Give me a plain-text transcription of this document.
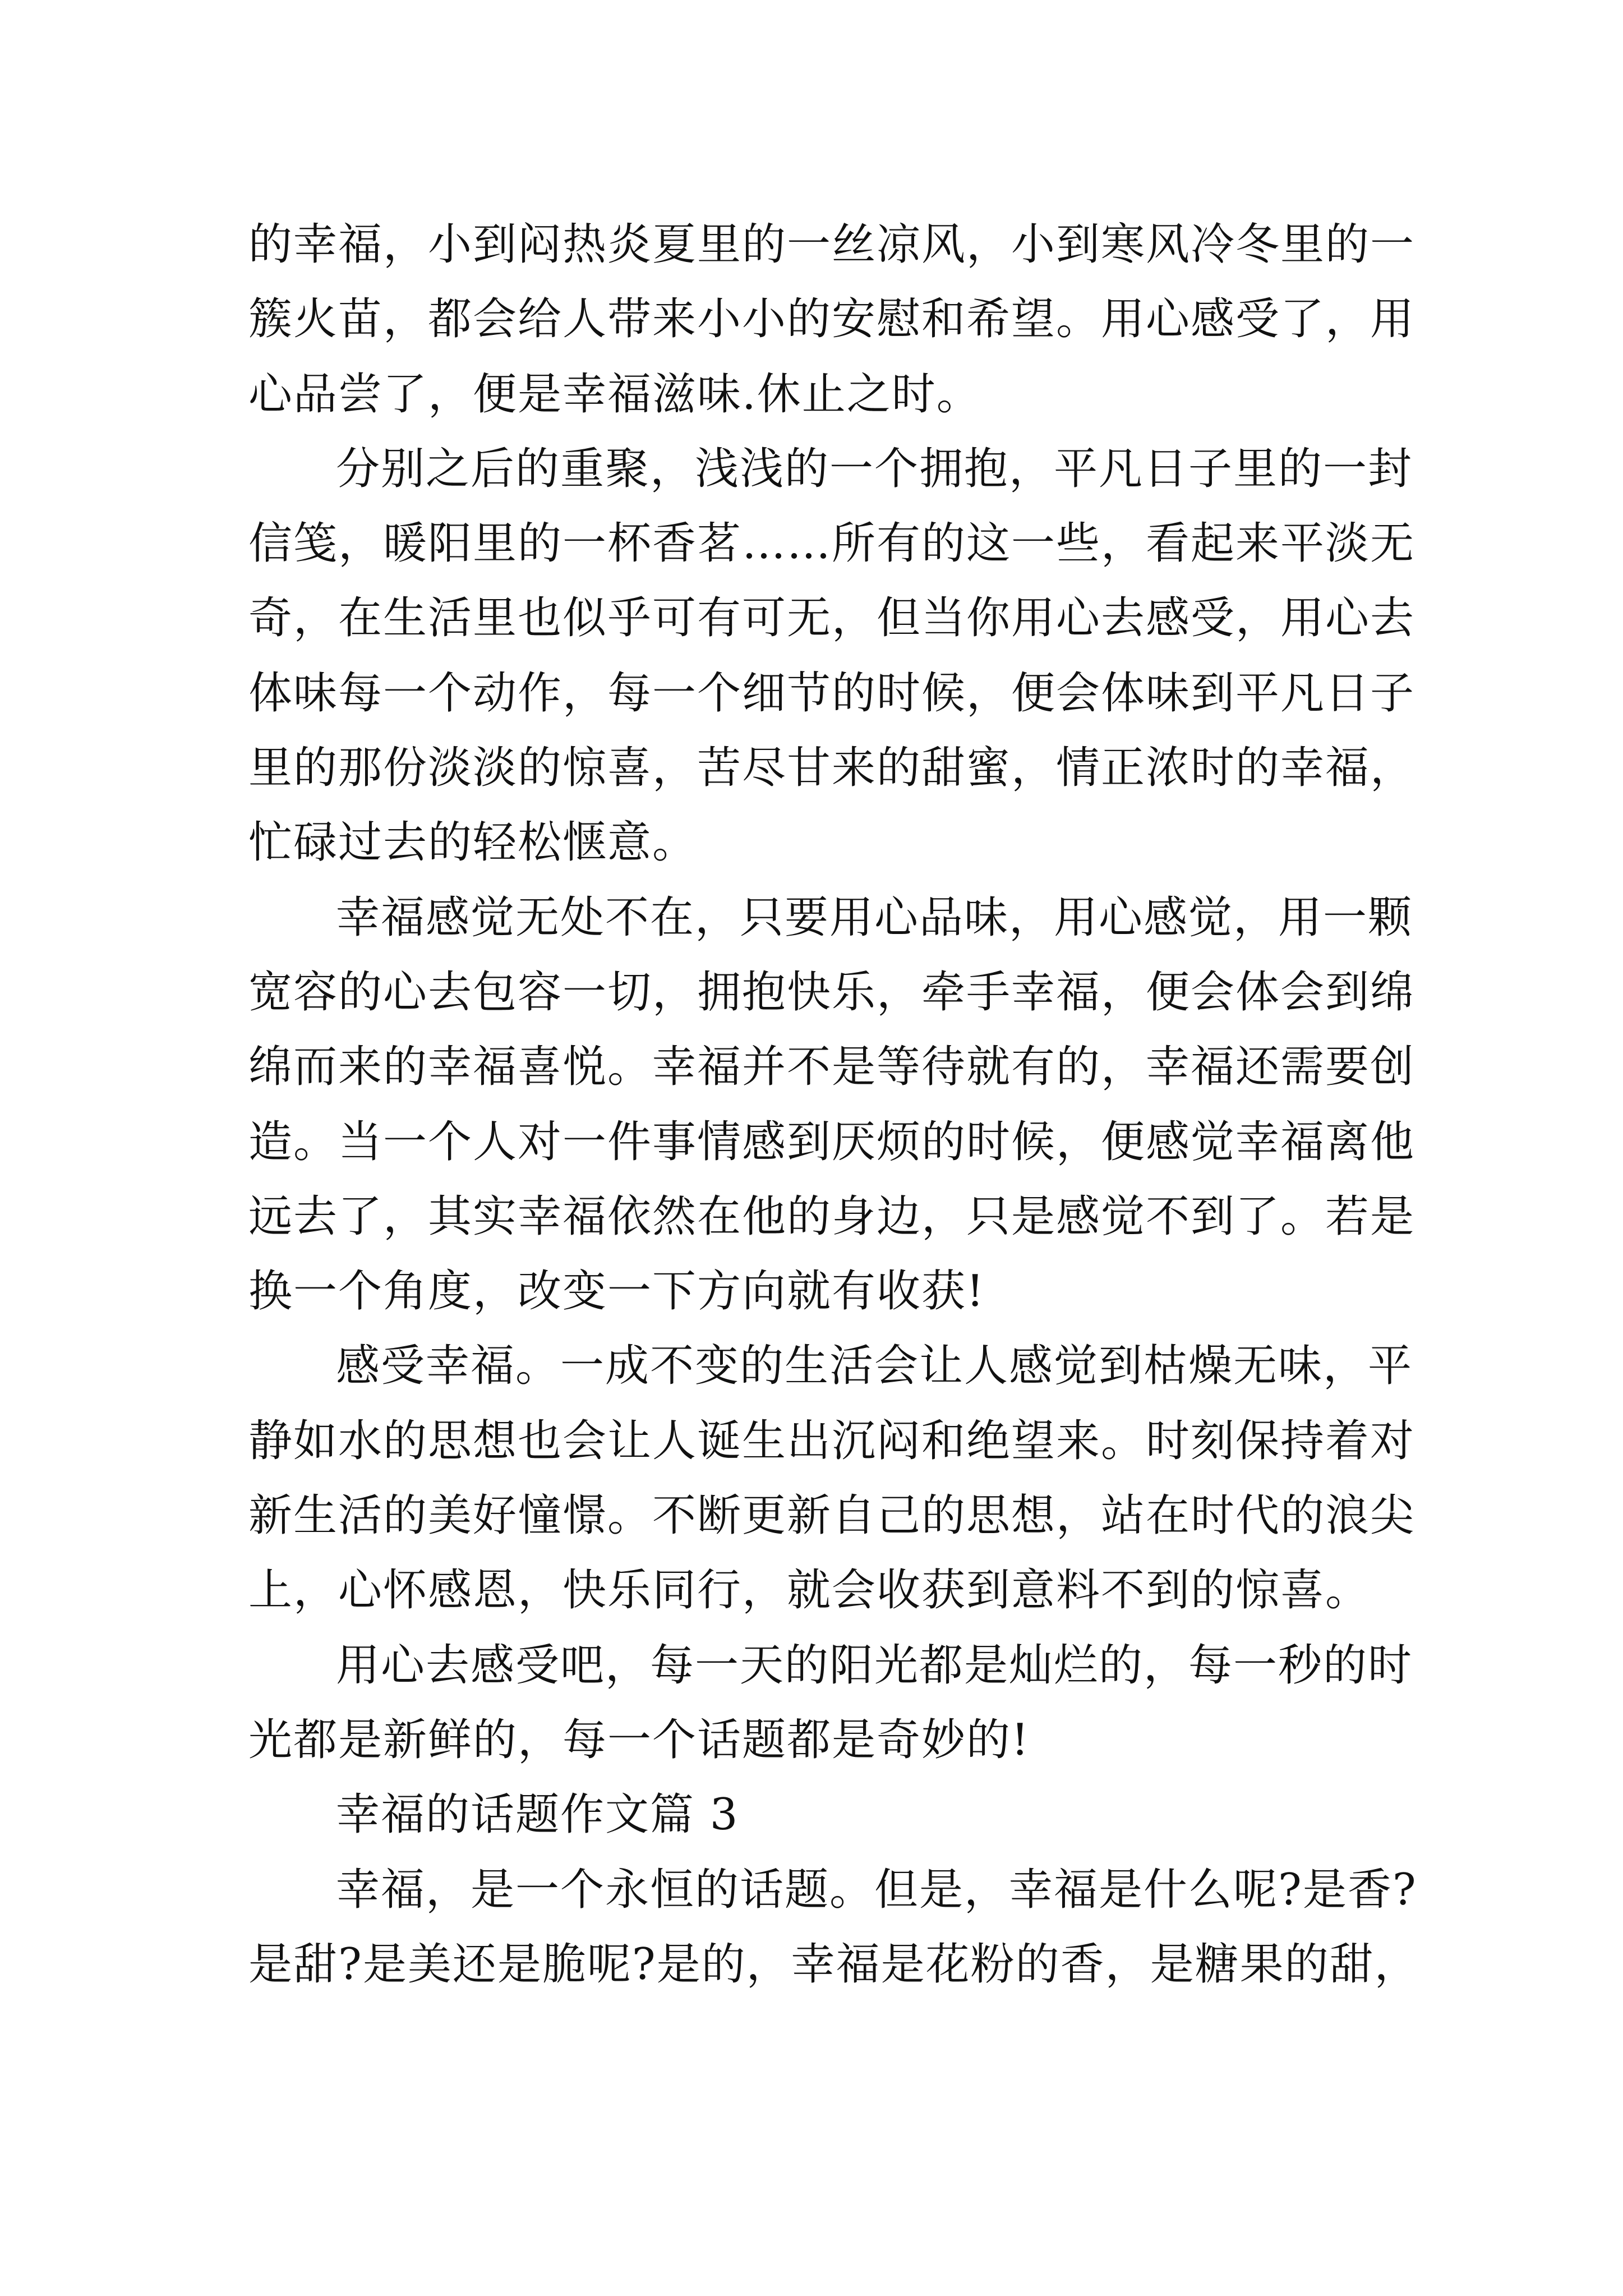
的幸福，小到闷热炎夏里的一丝凉风，小到寒风冷冬里的一
簇火苗，都会给人带来小小的安慰和希望。用心感受了，用
心品尝了，便是幸福滋味.休止之时。
分别之后的重聚，浅浅的一个拥抱，平凡日子里的一封
信笺，暖阳里的一杯香茗……所有的这一些，看起来平淡无
奇，在生活里也似乎可有可无，但当你用心去感受，用心去
体味每一个动作，每一个细节的时候，便会体味到平凡日子
里的那份淡淡的惊喜，苦尽甘来的甜蜜，情正浓时的幸福，
忙碌过去的轻松惬意。
幸福感觉无处不在，只要用心品味，用心感觉，用一颗
宽容的心去包容一切，拥抱快乐，牵手幸福，便会体会到绵
绵而来的幸福喜悦。幸福并不是等待就有的，幸福还需要创
造。当一个人对一件事情感到厌烦的时候，便感觉幸福离他
远去了，其实幸福依然在他的身边，只是感觉不到了。若是
换一个角度，改变一下方向就有收获!
感受幸福。一成不变的生活会让人感觉到枯燥无味，平
静如水的思想也会让人诞生出沉闷和绝望来。时刻保持着对
新生活的美好憧憬。不断更新自己的思想，站在时代的浪尖
上，心怀感恩，快乐同行，就会收获到意料不到的惊喜。
用心去感受吧，每一天的阳光都是灿烂的，每一秒的时
光都是新鲜的，每一个话题都是奇妙的!
幸福的话题作文篇 3
幸福，是一个永恒的话题。但是，幸福是什么呢?是香?
是甜?是美还是脆呢?是的，幸福是花粉的香，是糖果的甜，
